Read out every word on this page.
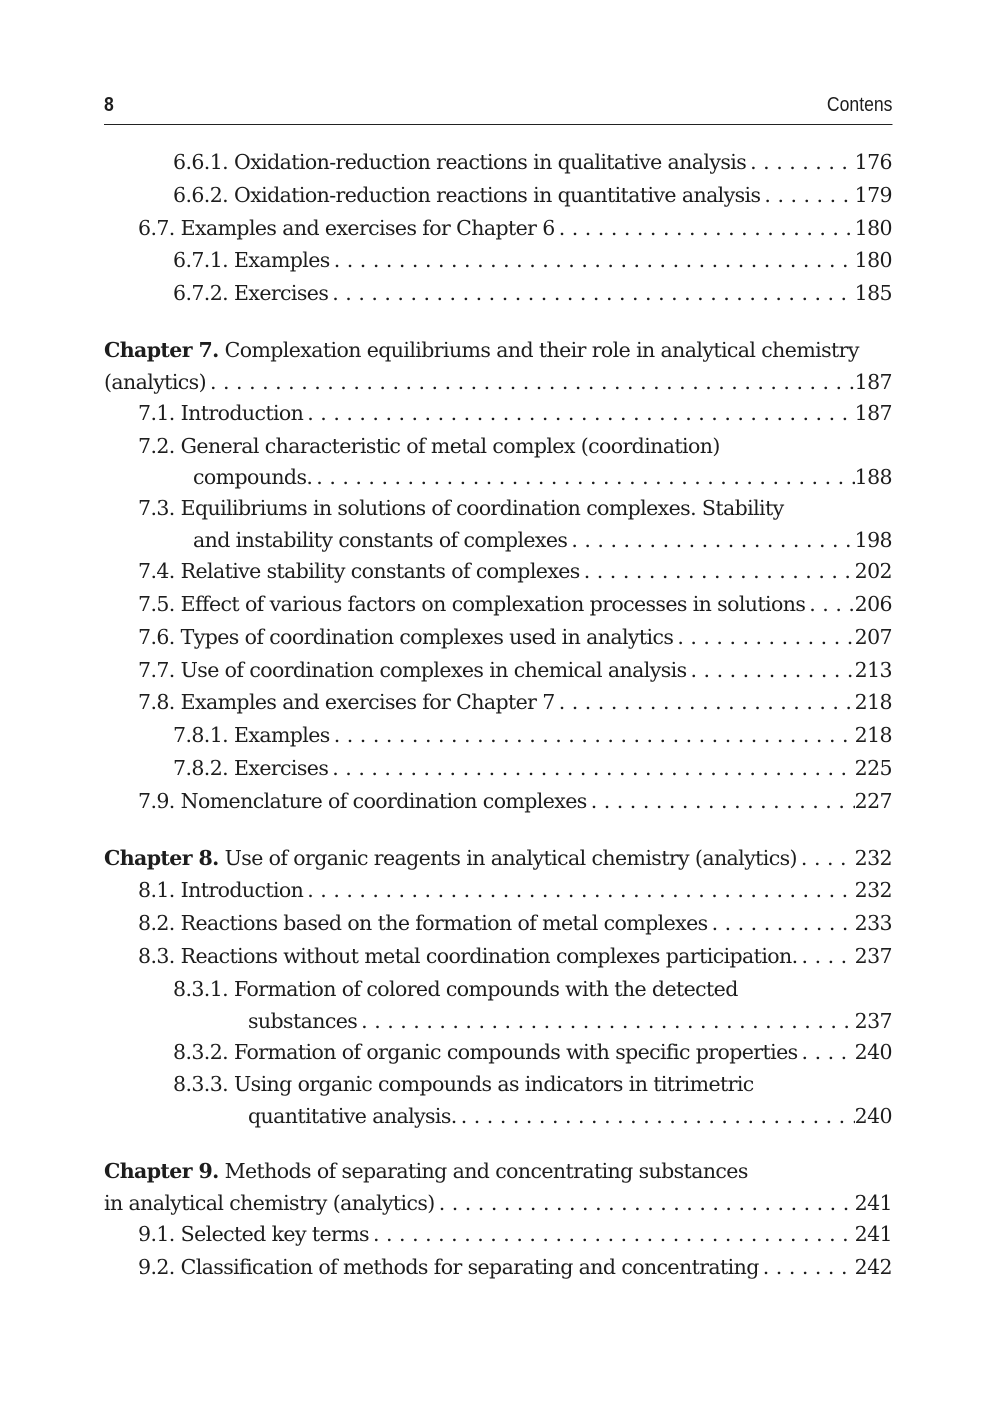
8	Contens
6.6.1. Oxidation-reduction reactions in qualitative analysis . . .	176
6.6.2. Oxidation-reduction reactions in quantitative analysis . . .	179
6.7. Examples and exercises for Chapter 6 . . .	180
6.7.1. Examples . . .	180
6.7.2. Exercises . . .	185
Chapter 7. Complexation equilibriums and their role in analytical chemistry
(analytics) . . .	187
7.1. Introduction . . .	187
7.2. General characteristic of metal complex (coordination)
compounds. . . .	188
7.3. Equilibriums in solutions of coordination complexes. Stability
and instability constants of complexes . . .	198
7.4. Relative stability constants of complexes . . .	202
7.5. Effect of various factors on complexation processes in solutions . . . 206
7.6. Types of coordination complexes used in analytics . . .	207
7.7. Use of coordination complexes in chemical analysis . . .	213
7.8. Examples and exercises for Chapter 7 . . .	218
7.8.1. Examples . . .	218
7.8.2. Exercises . . .	225
7.9. Nomenclature of coordination complexes . . .	227
Chapter 8. Use of organic reagents in analytical chemistry (analytics) . . .	232
8.1. Introduction . . .	232
8.2. Reactions based on the formation of metal complexes . . .	233
8.3. Reactions without metal coordination complexes participation. . . .	237
8.3.1. Formation of colored compounds with the detected
substances . . .	237
8.3.2. Formation of organic compounds with specific properties . . .	240
8.3.3. Using organic compounds as indicators in titrimetric
quantitative analysis. . . .	240
Chapter 9. Methods of separating and concentrating substances
in analytical chemistry (analytics) . . .	241
9.1. Selected key terms . . .	241
9.2. Classification of methods for separating and concentrating . . .	242
